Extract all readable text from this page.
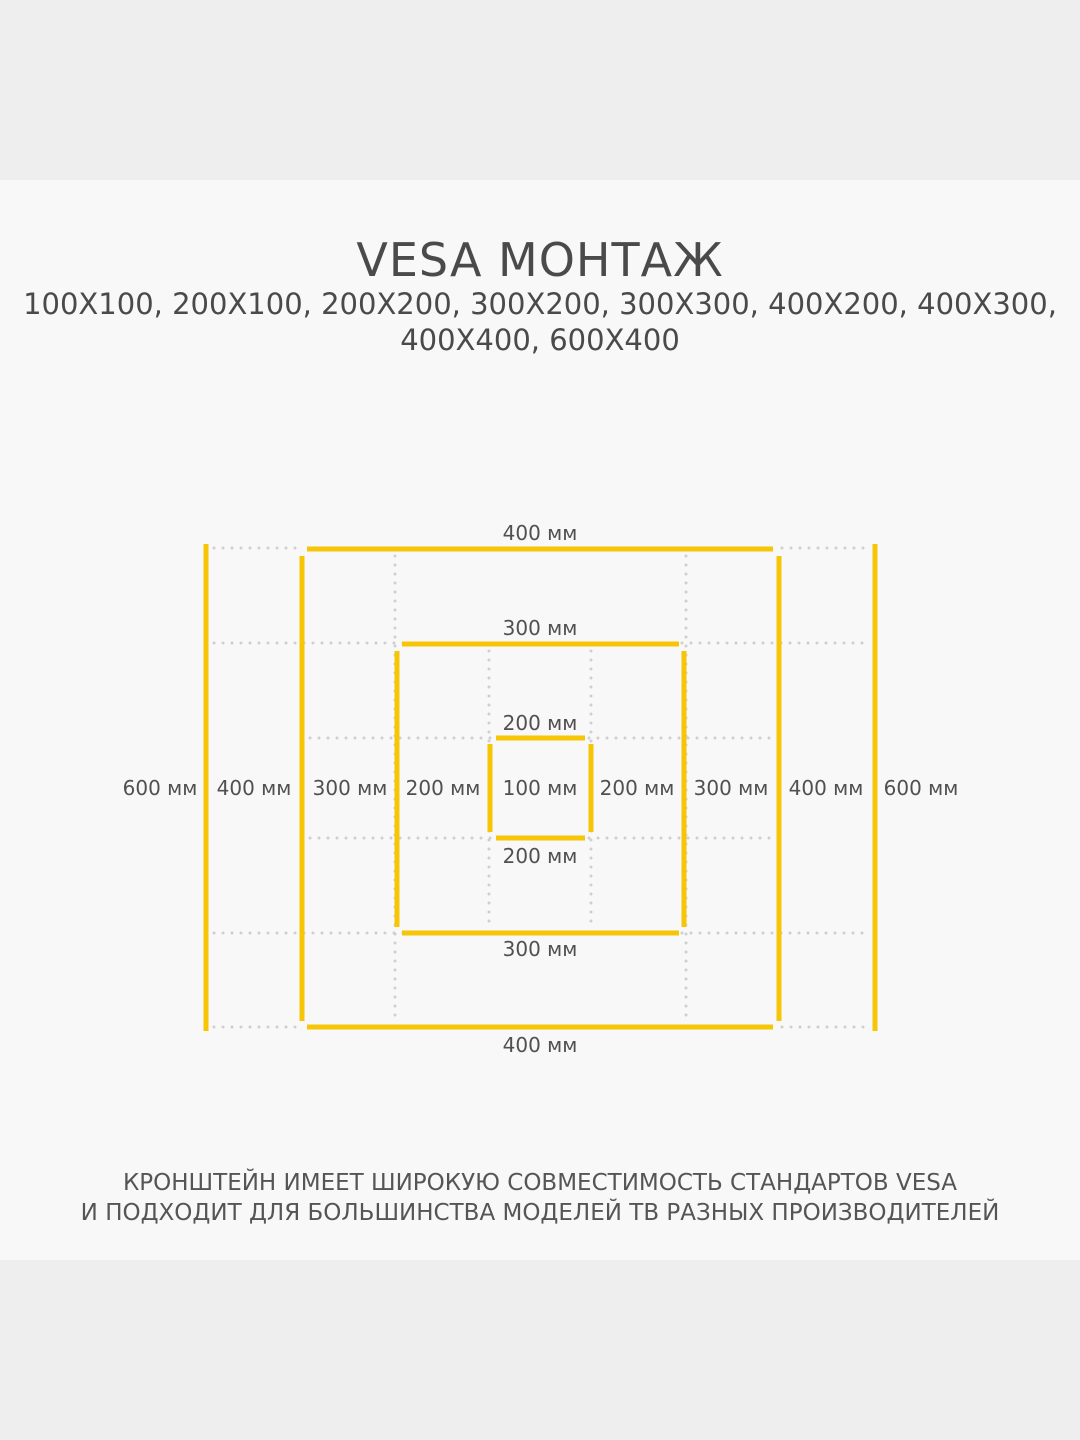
VESA МОНТАЖ
100X100, 200X100, 200X200, 300X200, 300X300, 400X200, 400X300,
400X400, 600X400
400 мм
300 мм
200 мм
200 мм
300 мм
400 мм
600 мм 400 мм 300 мм 200 мм 100 мм 200 мм 300 мм 400 мм 600 мм
КРОНШТЕЙН ИМЕЕТ ШИРОКУЮ СОВМЕСТИМОСТЬ СТАНДАРТОВ VESA
И ПОДХОДИТ ДЛЯ БОЛЬШИНСТВА МОДЕЛЕЙ ТВ РАЗНЫХ ПРОИЗВОДИТЕЛЕЙ
